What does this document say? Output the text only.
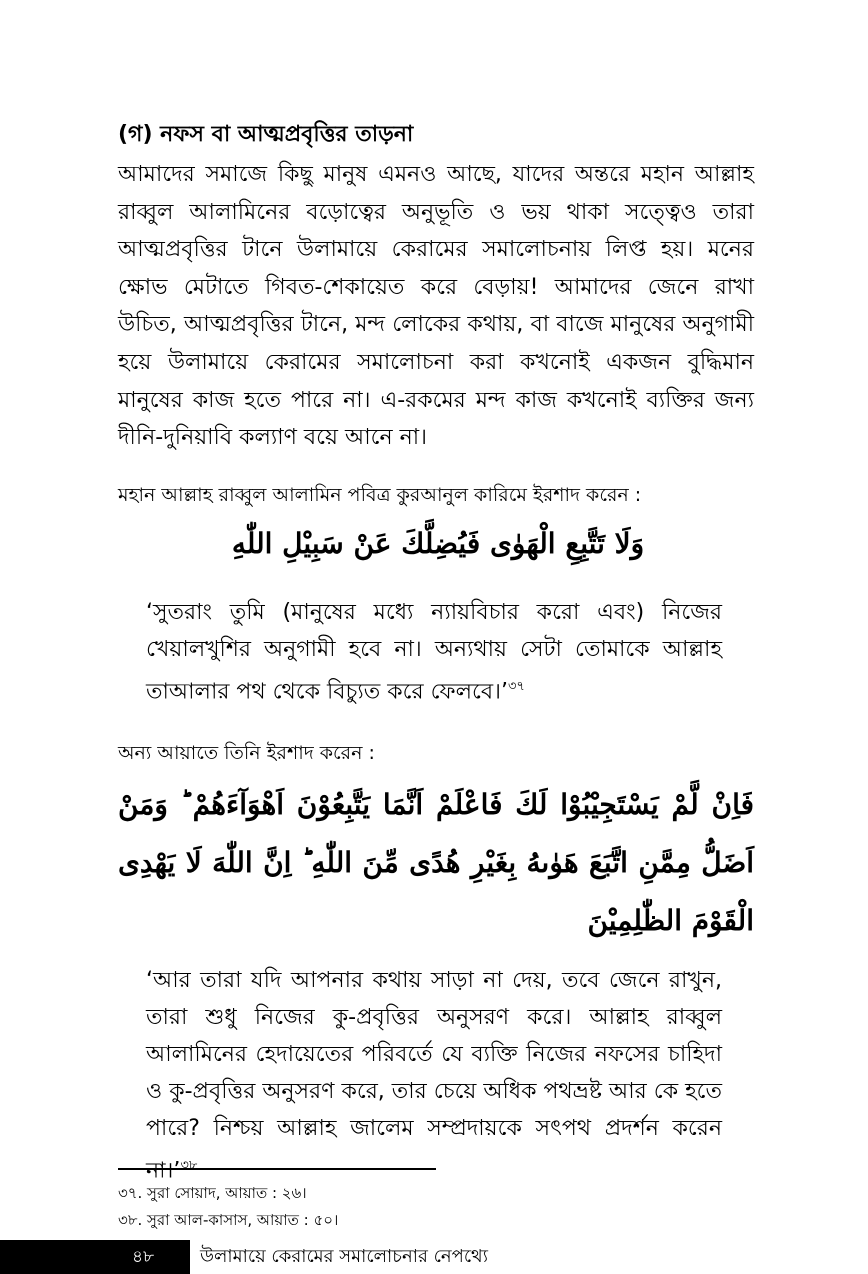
(গ) নফস বা আত্মপ্রবৃত্তির তাড়না
আমাদের সমাজে কিছু মানুষ এমনও আছে, যাদের অন্তরে মহান আল্লাহ রাব্বুল আলামিনের বড়োত্বের অনুভূতি ও ভয় থাকা সত্ত্বেও তারা আত্মপ্রবৃত্তির টানে উলামায়ে কেরামের সমালোচনায় লিপ্ত হয়। মনের ক্ষোভ মেটাতে গিবত-শেকায়েত করে বেড়ায়! আমাদের জেনে রাখা উচিত, আত্মপ্রবৃত্তির টানে, মন্দ লোকের কথায়, বা বাজে মানুষের অনুগামী হয়ে উলামায়ে কেরামের সমালোচনা করা কখনোই একজন বুদ্ধিমান মানুষের কাজ হতে পারে না। এ-রকমের মন্দ কাজ কখনোই ব্যক্তির জন্য দীনি-দুনিয়াবি কল্যাণ বয়ে আনে না।
মহান আল্লাহ রাব্বুল আলামিন পবিত্র কুরআনুল কারিমে ইরশাদ করেন :
وَلَا تَتَّبِعِ الْهَوٰى فَيُضِلَّكَ عَنْ سَبِيْلِ اللّٰهِ
‘সুতরাং তুমি (মানুষের মধ্যে ন্যায়বিচার করো এবং) নিজের খেয়ালখুশির অনুগামী হবে না। অন্যথায় সেটা তোমাকে আল্লাহ তাআলার পথ থেকে বিচ্যুত করে ফেলবে।’$^{৩৭}$
অন্য আয়াতে তিনি ইরশাদ করেন :
فَاِنْ لَّمْ يَسْتَجِيْبُوْا لَكَ فَاعْلَمْ اَنَّمَا يَتَّبِعُوْنَ اَهْوَآءَهُمْ ؕ وَمَنْ اَضَلُّ مِمَّنِ اتَّبَعَ هَوٰىهُ بِغَيْرِ هُدًى مِّنَ اللّٰهِ ؕ اِنَّ اللّٰهَ لَا يَهْدِى الْقَوْمَ الظّٰلِمِيْنَ
‘আর তারা যদি আপনার কথায় সাড়া না দেয়, তবে জেনে রাখুন, তারা শুধু নিজের কু-প্রবৃত্তির অনুসরণ করে। আল্লাহ রাব্বুল আলামিনের হেদায়েতের পরিবর্তে যে ব্যক্তি নিজের নফসের চাহিদা ও কু-প্রবৃত্তির অনুসরণ করে, তার চেয়ে অধিক পথভ্রষ্ট আর কে হতে পারে? নিশ্চয় আল্লাহ জালেম সম্প্রদায়কে সৎপথ প্রদর্শন করেন না।’$^{৩৮}$
৩৭. সুরা সোয়াদ, আয়াত : ২৬।
৩৮. সুরা আল-কাসাস, আয়াত : ৫০।
৪৮	উলামায়ে কেরামের সমালোচনার নেপথ্যে
